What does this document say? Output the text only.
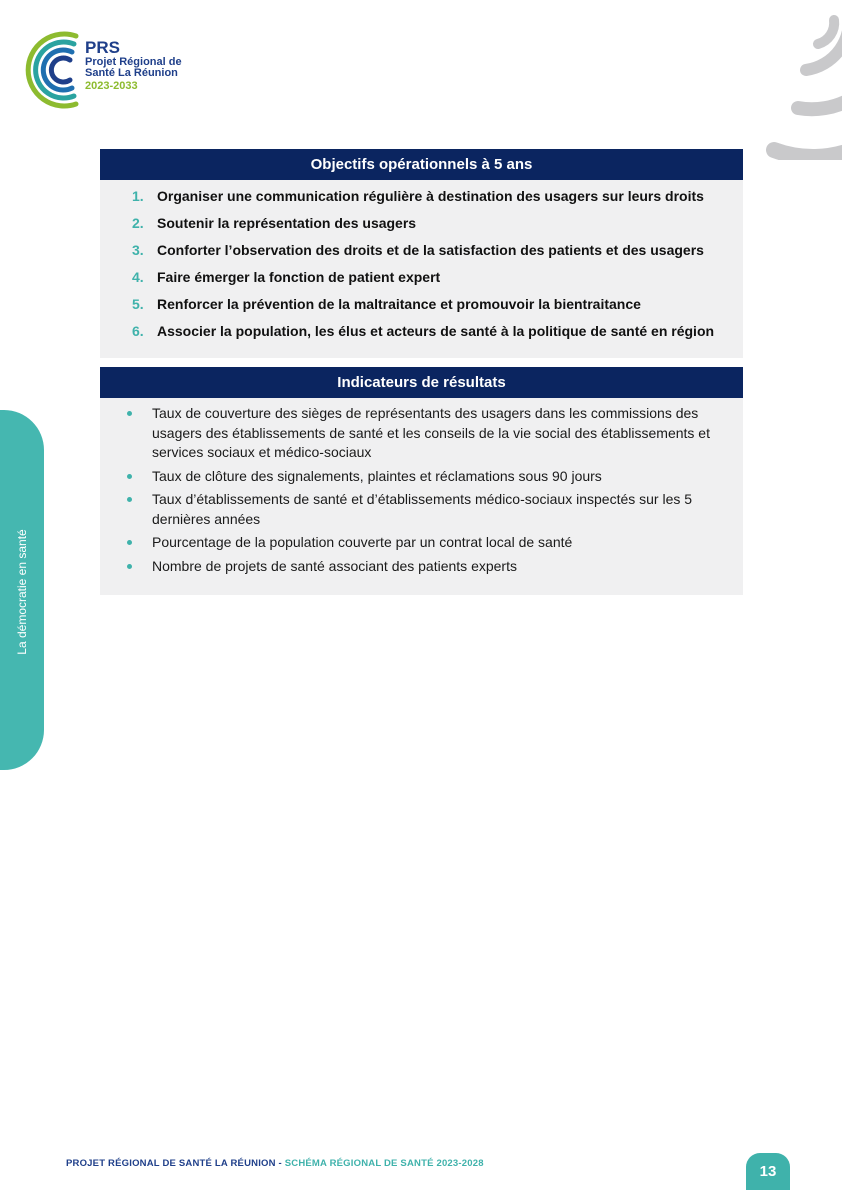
PRS
Projet Régional de
Santé La Réunion
2023-2033
La démocratie en santé
Objectifs opérationnels à 5 ans
1. Organiser une communication régulière à destination des usagers sur leurs droits
2. Soutenir la représentation des usagers
3. Conforter l’observation des droits et de la satisfaction des patients et des usagers
4. Faire émerger la fonction de patient expert
5. Renforcer la prévention de la maltraitance et promouvoir la bientraitance
6. Associer la population, les élus et acteurs de santé à la politique de santé en région
Indicateurs de résultats
Taux de couverture des sièges de représentants des usagers dans les commissions des usagers des établissements de santé et les conseils de la vie social des établissements et services sociaux et médico-sociaux
Taux de clôture des signalements, plaintes et réclamations sous 90 jours
Taux d’établissements de santé et d’établissements médico-sociaux inspectés sur les 5 dernières années
Pourcentage de la population couverte par un contrat local de santé
Nombre de projets de santé associant des patients experts
PROJET RÉGIONAL DE SANTÉ LA RÉUNION - SCHÉMA RÉGIONAL DE SANTÉ 2023-2028	13
